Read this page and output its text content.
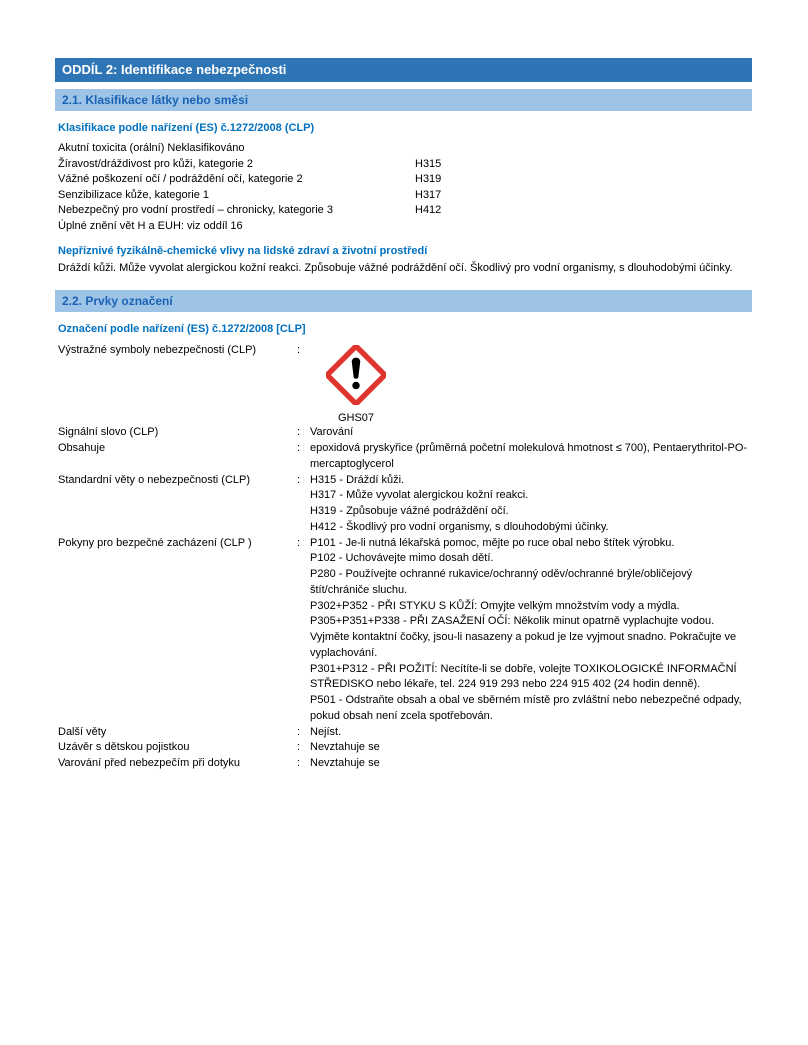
ODDÍL 2: Identifikace nebezpečnosti
2.1. Klasifikace látky nebo směsi
Klasifikace podle nařízení (ES) č.1272/2008 (CLP)
Akutní toxicita (orální) Neklasifikováno
Žíravost/dráždivost pro kůži, kategorie 2	H315
Vážné poškození očí / podráždění očí, kategorie 2	H319
Senzibilizace kůže, kategorie 1	H317
Nebezpečný pro vodní prostředí – chronicky, kategorie 3	H412
Úplné znění vět H a EUH: viz oddíl 16
Nepříznivé fyzikálně-chemické vlivy na lidské zdraví a životní prostředí
Dráždí kůži. Může vyvolat alergickou kožní reakci. Způsobuje vážné podráždění očí. Škodlivý pro vodní organismy, s dlouhodobými účinky.
2.2. Prvky označení
Označení podle nařízení (ES) č.1272/2008 [CLP]
Výstražné symboly nebezpečnosti (CLP)	:
GHS07
Signální slovo (CLP)	: Varování
Obsahuje	: epoxidová pryskyřice (průměrná početní molekulová hmotnost ≤ 700), Pentaerythritol-PO-mercaptoglycerol
Standardní věty o nebezpečnosti (CLP)	: H315 - Dráždí kůži.
H317 - Může vyvolat alergickou kožní reakci.
H319 - Způsobuje vážné podráždění očí.
H412 - Škodlivý pro vodní organismy, s dlouhodobými účinky.
Pokyny pro bezpečné zacházení (CLP )	: P101 - Je-li nutná lékařská pomoc, mějte po ruce obal nebo štítek výrobku.
P102 - Uchovávejte mimo dosah dětí.
P280 - Používejte ochranné rukavice/ochranný oděv/ochranné brýle/obličejový štít/chrániče sluchu.
P302+P352 - PŘI STYKU S KŮŽÍ: Omyjte velkým množstvím vody a mýdla.
P305+P351+P338 - PŘI ZASAŽENÍ OČÍ: Několik minut opatrně vyplachujte vodou. Vyjměte kontaktní čočky, jsou-li nasazeny a pokud je lze vyjmout snadno. Pokračujte ve vyplachování.
P301+P312 - PŘI POŽITÍ: Necítíte-li se dobře, volejte TOXIKOLOGICKÉ INFORMAČNÍ STŘEDISKO nebo lékaře, tel. 224 919 293 nebo 224 915 402 (24 hodin denně).
P501 - Odstraňte obsah a obal ve sběrném místě pro zvláštní nebo nebezpečné odpady, pokud obsah není zcela spotřebován.
Další věty	: Nejíst.
Uzávěr s dětskou pojistkou	: Nevztahuje se
Varování před nebezpečím při dotyku	: Nevztahuje se
